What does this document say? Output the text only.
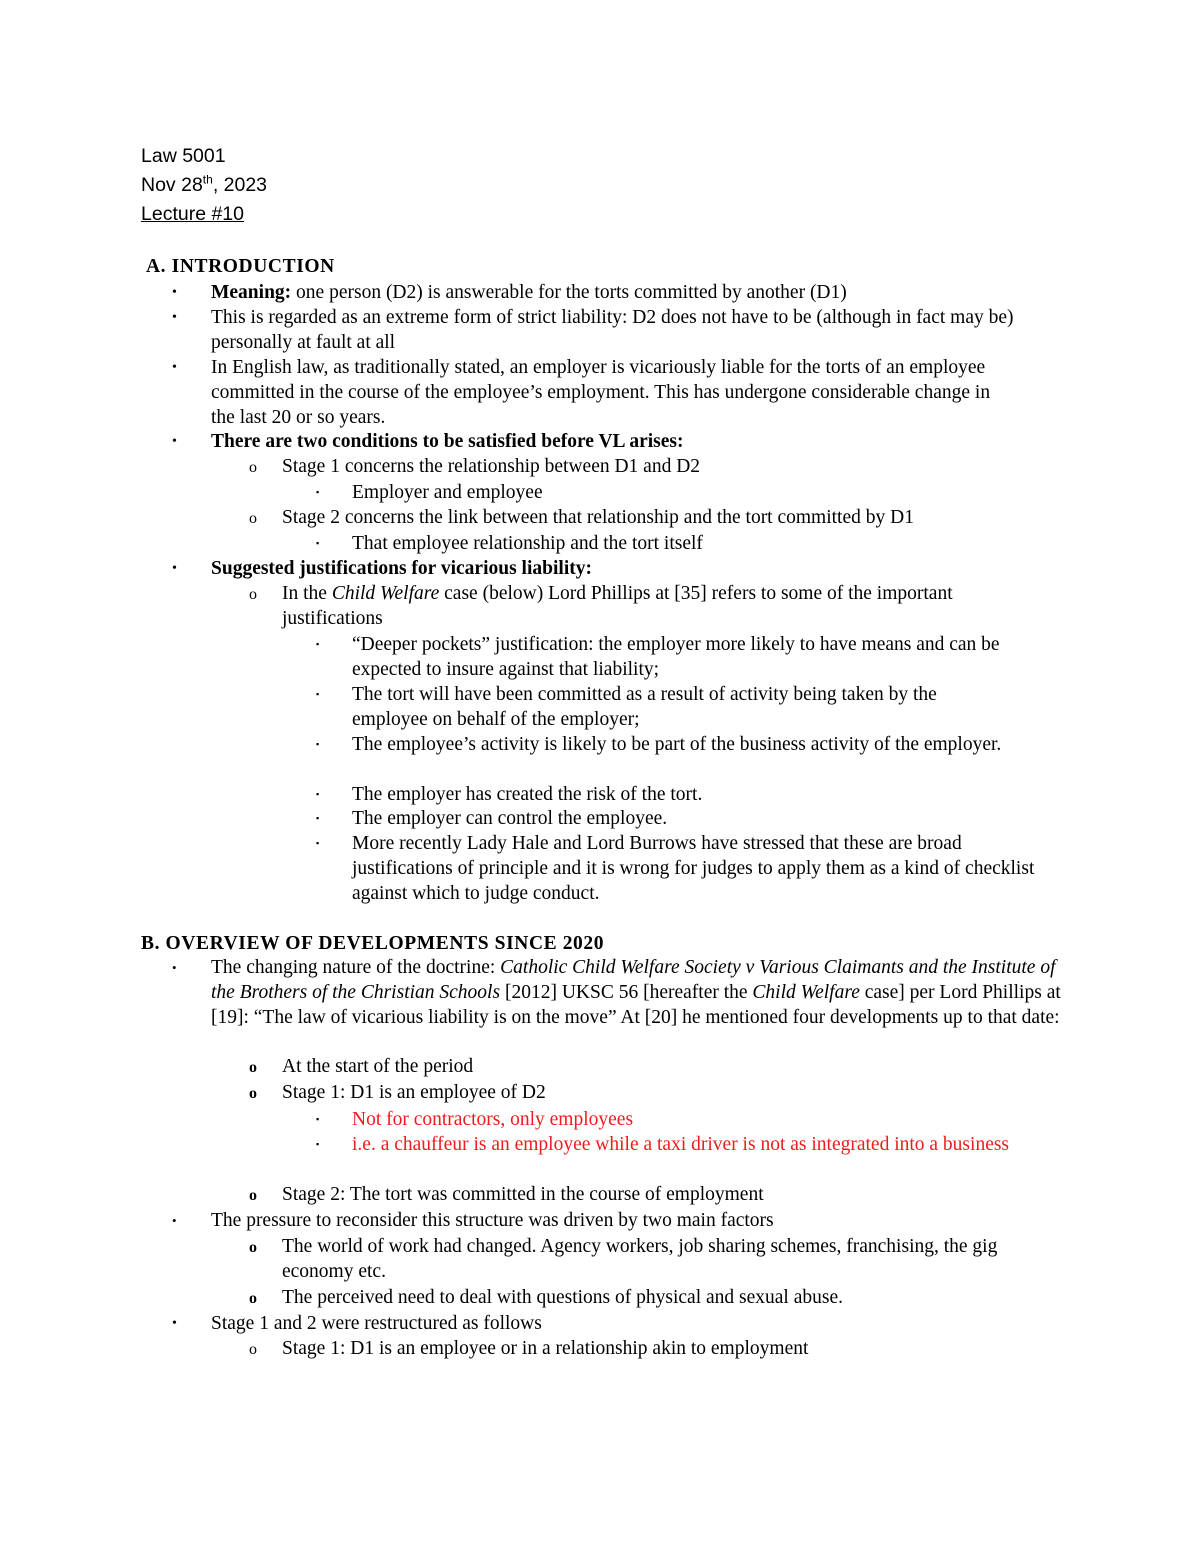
Law 5001
Nov 28th, 2023
Lecture #10
A. INTRODUCTION
• Meaning: one person (D2) is answerable for the torts committed by another (D1)
• This is regarded as an extreme form of strict liability: D2 does not have to be (although in fact may be) personally at fault at all
• In English law, as traditionally stated, an employer is vicariously liable for the torts of an employee committed in the course of the employee’s employment. This has undergone considerable change in the last 20 or so years.
• There are two conditions to be satisfied before VL arises:
o Stage 1 concerns the relationship between D1 and D2
▪ Employer and employee
o Stage 2 concerns the link between that relationship and the tort committed by D1
▪ That employee relationship and the tort itself
• Suggested justifications for vicarious liability:
o In the Child Welfare case (below) Lord Phillips at [35] refers to some of the important justifications
▪ “Deeper pockets” justification: the employer more likely to have means and can be expected to insure against that liability;
▪ The tort will have been committed as a result of activity being taken by the employee on behalf of the employer;
▪ The employee’s activity is likely to be part of the business activity of the employer.
▪ The employer has created the risk of the tort.
▪ The employer can control the employee.
▪ More recently Lady Hale and Lord Burrows have stressed that these are broad justifications of principle and it is wrong for judges to apply them as a kind of checklist against which to judge conduct.
B. OVERVIEW OF DEVELOPMENTS SINCE 2020
• The changing nature of the doctrine: Catholic Child Welfare Society v Various Claimants and the Institute of the Brothers of the Christian Schools [2012] UKSC 56 [hereafter the Child Welfare case] per Lord Phillips at [19]: “The law of vicarious liability is on the move” At [20] he mentioned four developments up to that date:
o At the start of the period
o Stage 1: D1 is an employee of D2
▪ Not for contractors, only employees
▪ i.e. a chauffeur is an employee while a taxi driver is not as integrated into a business
o Stage 2: The tort was committed in the course of employment
• The pressure to reconsider this structure was driven by two main factors
o The world of work had changed. Agency workers, job sharing schemes, franchising, the gig economy etc.
o The perceived need to deal with questions of physical and sexual abuse.
• Stage 1 and 2 were restructured as follows
o Stage 1: D1 is an employee or in a relationship akin to employment
